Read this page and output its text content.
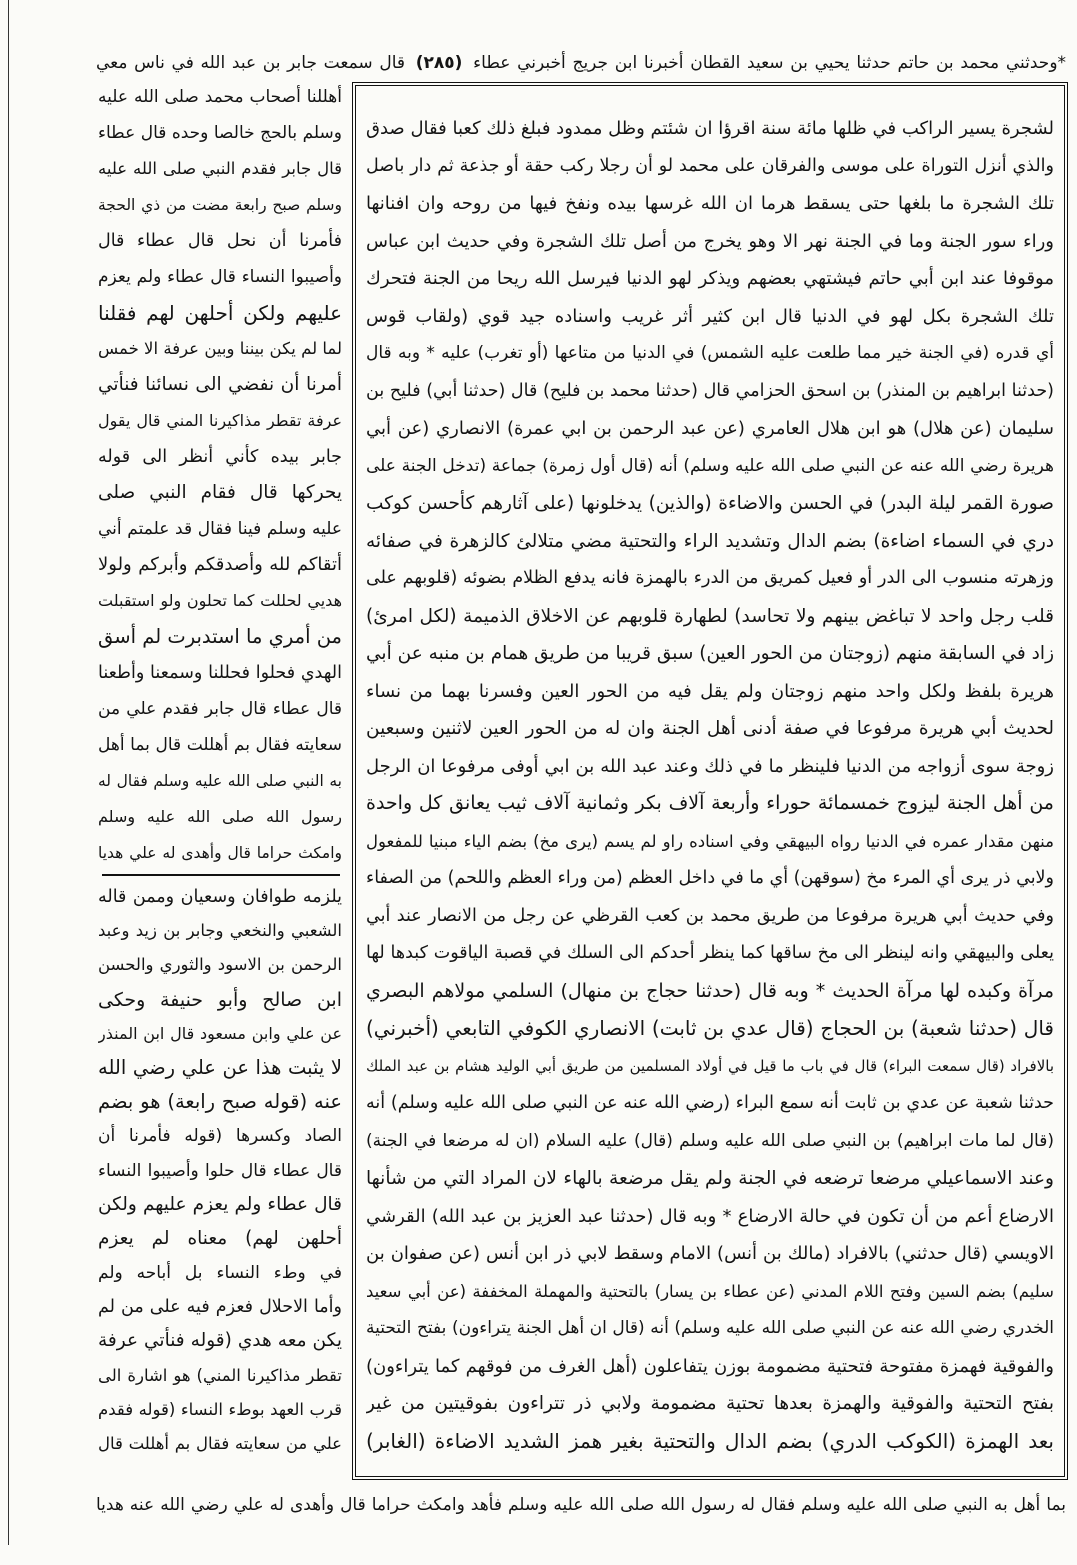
*وحدثني محمد بن حاتم حدثنا يحيي بن سعيد القطان أخبرنا ابن جريج أخبرني عطاء (٢٨٥) قال سمعت جابر بن عبد الله في ناس معي
أهللنا أصحاب محمد صلى الله عليه
وسلم بالحج خالصا وحده قال عطاء
قال جابر فقدم النبي صلى الله عليه
وسلم صبح رابعة مضت من ذي الحجة
فأمرنا أن نحل قال عطاء قال
وأصيبوا النساء قال عطاء ولم يعزم
عليهم ولكن أحلهن لهم فقلنا
لما لم يكن بيننا وبين عرفة الا خمس
أمرنا أن نفضي الى نسائنا فنأتي
عرفة تقطر مذاكيرنا المني قال يقول
جابر بيده كأني أنظر الى قوله
يحركها قال فقام النبي صلى
عليه وسلم فينا فقال قد علمتم أني
أتقاكم لله وأصدقكم وأبركم ولولا
هديي لحللت كما تحلون ولو استقبلت
من أمري ما استدبرت لم أسق
الهدي فحلوا فحللنا وسمعنا وأطعنا
قال عطاء قال جابر فقدم علي من
سعايته فقال بم أهللت قال بما أهل
به النبي صلى الله عليه وسلم فقال له
رسول الله صلى الله عليه وسلم
وامكث حراما قال وأهدى له علي هديا
يلزمه طوافان وسعيان وممن قاله
الشعبي والنخعي وجابر بن زيد وعبد
الرحمن بن الاسود والثوري والحسن
ابن صالح وأبو حنيفة وحكى
عن علي وابن مسعود قال ابن المنذر
لا يثبت هذا عن علي رضي الله
عنه (قوله صبح رابعة) هو بضم
الصاد وكسرها (قوله فأمرنا أن
قال عطاء قال حلوا وأصيبوا النساء
قال عطاء ولم يعزم عليهم ولكن
أحلهن لهم) معناه لم يعزم
في وطء النساء بل أباحه ولم
وأما الاحلال فعزم فيه على من لم
يكن معه هدي (قوله فنأتي عرفة
تقطر مذاكيرنا المني) هو اشارة الى
قرب العهد بوطء النساء (قوله فقدم
علي من سعايته فقال بم أهللت قال
لشجرة يسير الراكب في ظلها مائة سنة اقرؤا ان شئتم وظل ممدود فبلغ ذلك كعبا فقال صدق
والذي أنزل التوراة على موسى والفرقان على محمد لو أن رجلا ركب حقة أو جذعة ثم دار باصل
تلك الشجرة ما بلغها حتى يسقط هرما ان الله غرسها بيده ونفخ فيها من روحه وان افنانها
وراء سور الجنة وما في الجنة نهر الا وهو يخرج من أصل تلك الشجرة وفي حديث ابن عباس
موقوفا عند ابن أبي حاتم فيشتهي بعضهم ويذكر لهو الدنيا فيرسل الله ريحا من الجنة فتحرك
تلك الشجرة بكل لهو في الدنيا قال ابن كثير أثر غريب واسناده جيد قوي (ولقاب قوس
أي قدره (في الجنة خير مما طلعت عليه الشمس) في الدنيا من متاعها (أو تغرب) عليه * وبه قال
(حدثنا ابراهيم بن المنذر) بن اسحق الحزامي قال (حدثنا محمد بن فليح) قال (حدثنا أبي) فليح بن
سليمان (عن هلال) هو ابن هلال العامري (عن عبد الرحمن بن ابي عمرة) الانصاري (عن أبي
هريرة رضي الله عنه عن النبي صلى الله عليه وسلم) أنه (قال أول زمرة) جماعة (تدخل الجنة على
صورة القمر ليلة البدر) في الحسن والاضاءة (والذين) يدخلونها (على آثارهم كأحسن كوكب
دري في السماء اضاءة) بضم الدال وتشديد الراء والتحتية مضي متلالئ كالزهرة في صفائه
وزهرته منسوب الى الدر أو فعيل كمريق من الدرء بالهمزة فانه يدفع الظلام بضوئه (قلوبهم على
قلب رجل واحد لا تباغض بينهم ولا تحاسد) لطهارة قلوبهم عن الاخلاق الذميمة (لكل امرئ)
زاد في السابقة منهم (زوجتان من الحور العين) سبق قريبا من طريق همام بن منبه عن أبي
هريرة بلفظ ولكل واحد منهم زوجتان ولم يقل فيه من الحور العين وفسرنا بهما من نساء
لحديث أبي هريرة مرفوعا في صفة أدنى أهل الجنة وان له من الحور العين لاثنين وسبعين
زوجة سوى أزواجه من الدنيا فلينظر ما في ذلك وعند عبد الله بن ابي أوفى مرفوعا ان الرجل
من أهل الجنة ليزوج خمسمائة حوراء وأربعة آلاف بكر وثمانية آلاف ثيب يعانق كل واحدة
منهن مقدار عمره في الدنيا رواه البيهقي وفي اسناده راو لم يسم (يرى مخ) بضم الياء مبنيا للمفعول
ولابي ذر يرى أي المرء مخ (سوقهن) أي ما في داخل العظم (من وراء العظم واللحم) من الصفاء
وفي حديث أبي هريرة مرفوعا من طريق محمد بن كعب القرظي عن رجل من الانصار عند أبي
يعلى والبيهقي وانه لينظر الى مخ ساقها كما ينظر أحدكم الى السلك في قصبة الياقوت كبدها لها
مرآة وكبده لها مرآة الحديث * وبه قال (حدثنا حجاج بن منهال) السلمي مولاهم البصري
قال (حدثنا شعبة) بن الحجاج (قال عدي بن ثابت) الانصاري الكوفي التابعي (أخبرني)
بالافراد (قال سمعت البراء) قال في باب ما قيل في أولاد المسلمين من طريق أبي الوليد هشام بن عبد الملك
حدثنا شعبة عن عدي بن ثابت أنه سمع البراء (رضي الله عنه عن النبي صلى الله عليه وسلم) أنه
(قال لما مات ابراهيم) بن النبي صلى الله عليه وسلم (قال) عليه السلام (ان له مرضعا في الجنة)
وعند الاسماعيلي مرضعا ترضعه في الجنة ولم يقل مرضعة بالهاء لان المراد التي من شأنها
الارضاع أعم من أن تكون في حالة الارضاع * وبه قال (حدثنا عبد العزيز بن عبد الله) القرشي
الاويسي (قال حدثني) بالافراد (مالك بن أنس) الامام وسقط لابي ذر ابن أنس (عن صفوان بن
سليم) بضم السين وفتح اللام المدني (عن عطاء بن يسار) بالتحتية والمهملة المخففة (عن أبي سعيد
الخدري رضي الله عنه عن النبي صلى الله عليه وسلم) أنه (قال ان أهل الجنة يتراءون) بفتح التحتية
والفوقية فهمزة مفتوحة فتحتية مضمومة بوزن يتفاعلون (أهل الغرف من فوقهم كما يتراءون)
بفتح التحتية والفوقية والهمزة بعدها تحتية مضمومة ولابي ذر تتراءون بفوقيتين من غير
بعد الهمزة (الكوكب الدري) بضم الدال والتحتية بغير همز الشديد الاضاءة (الغابر)
بما أهل به النبي صلى الله عليه وسلم فقال له رسول الله صلى الله عليه وسلم فأهد وامكث حراما قال وأهدى له علي رضي الله عنه هديا
